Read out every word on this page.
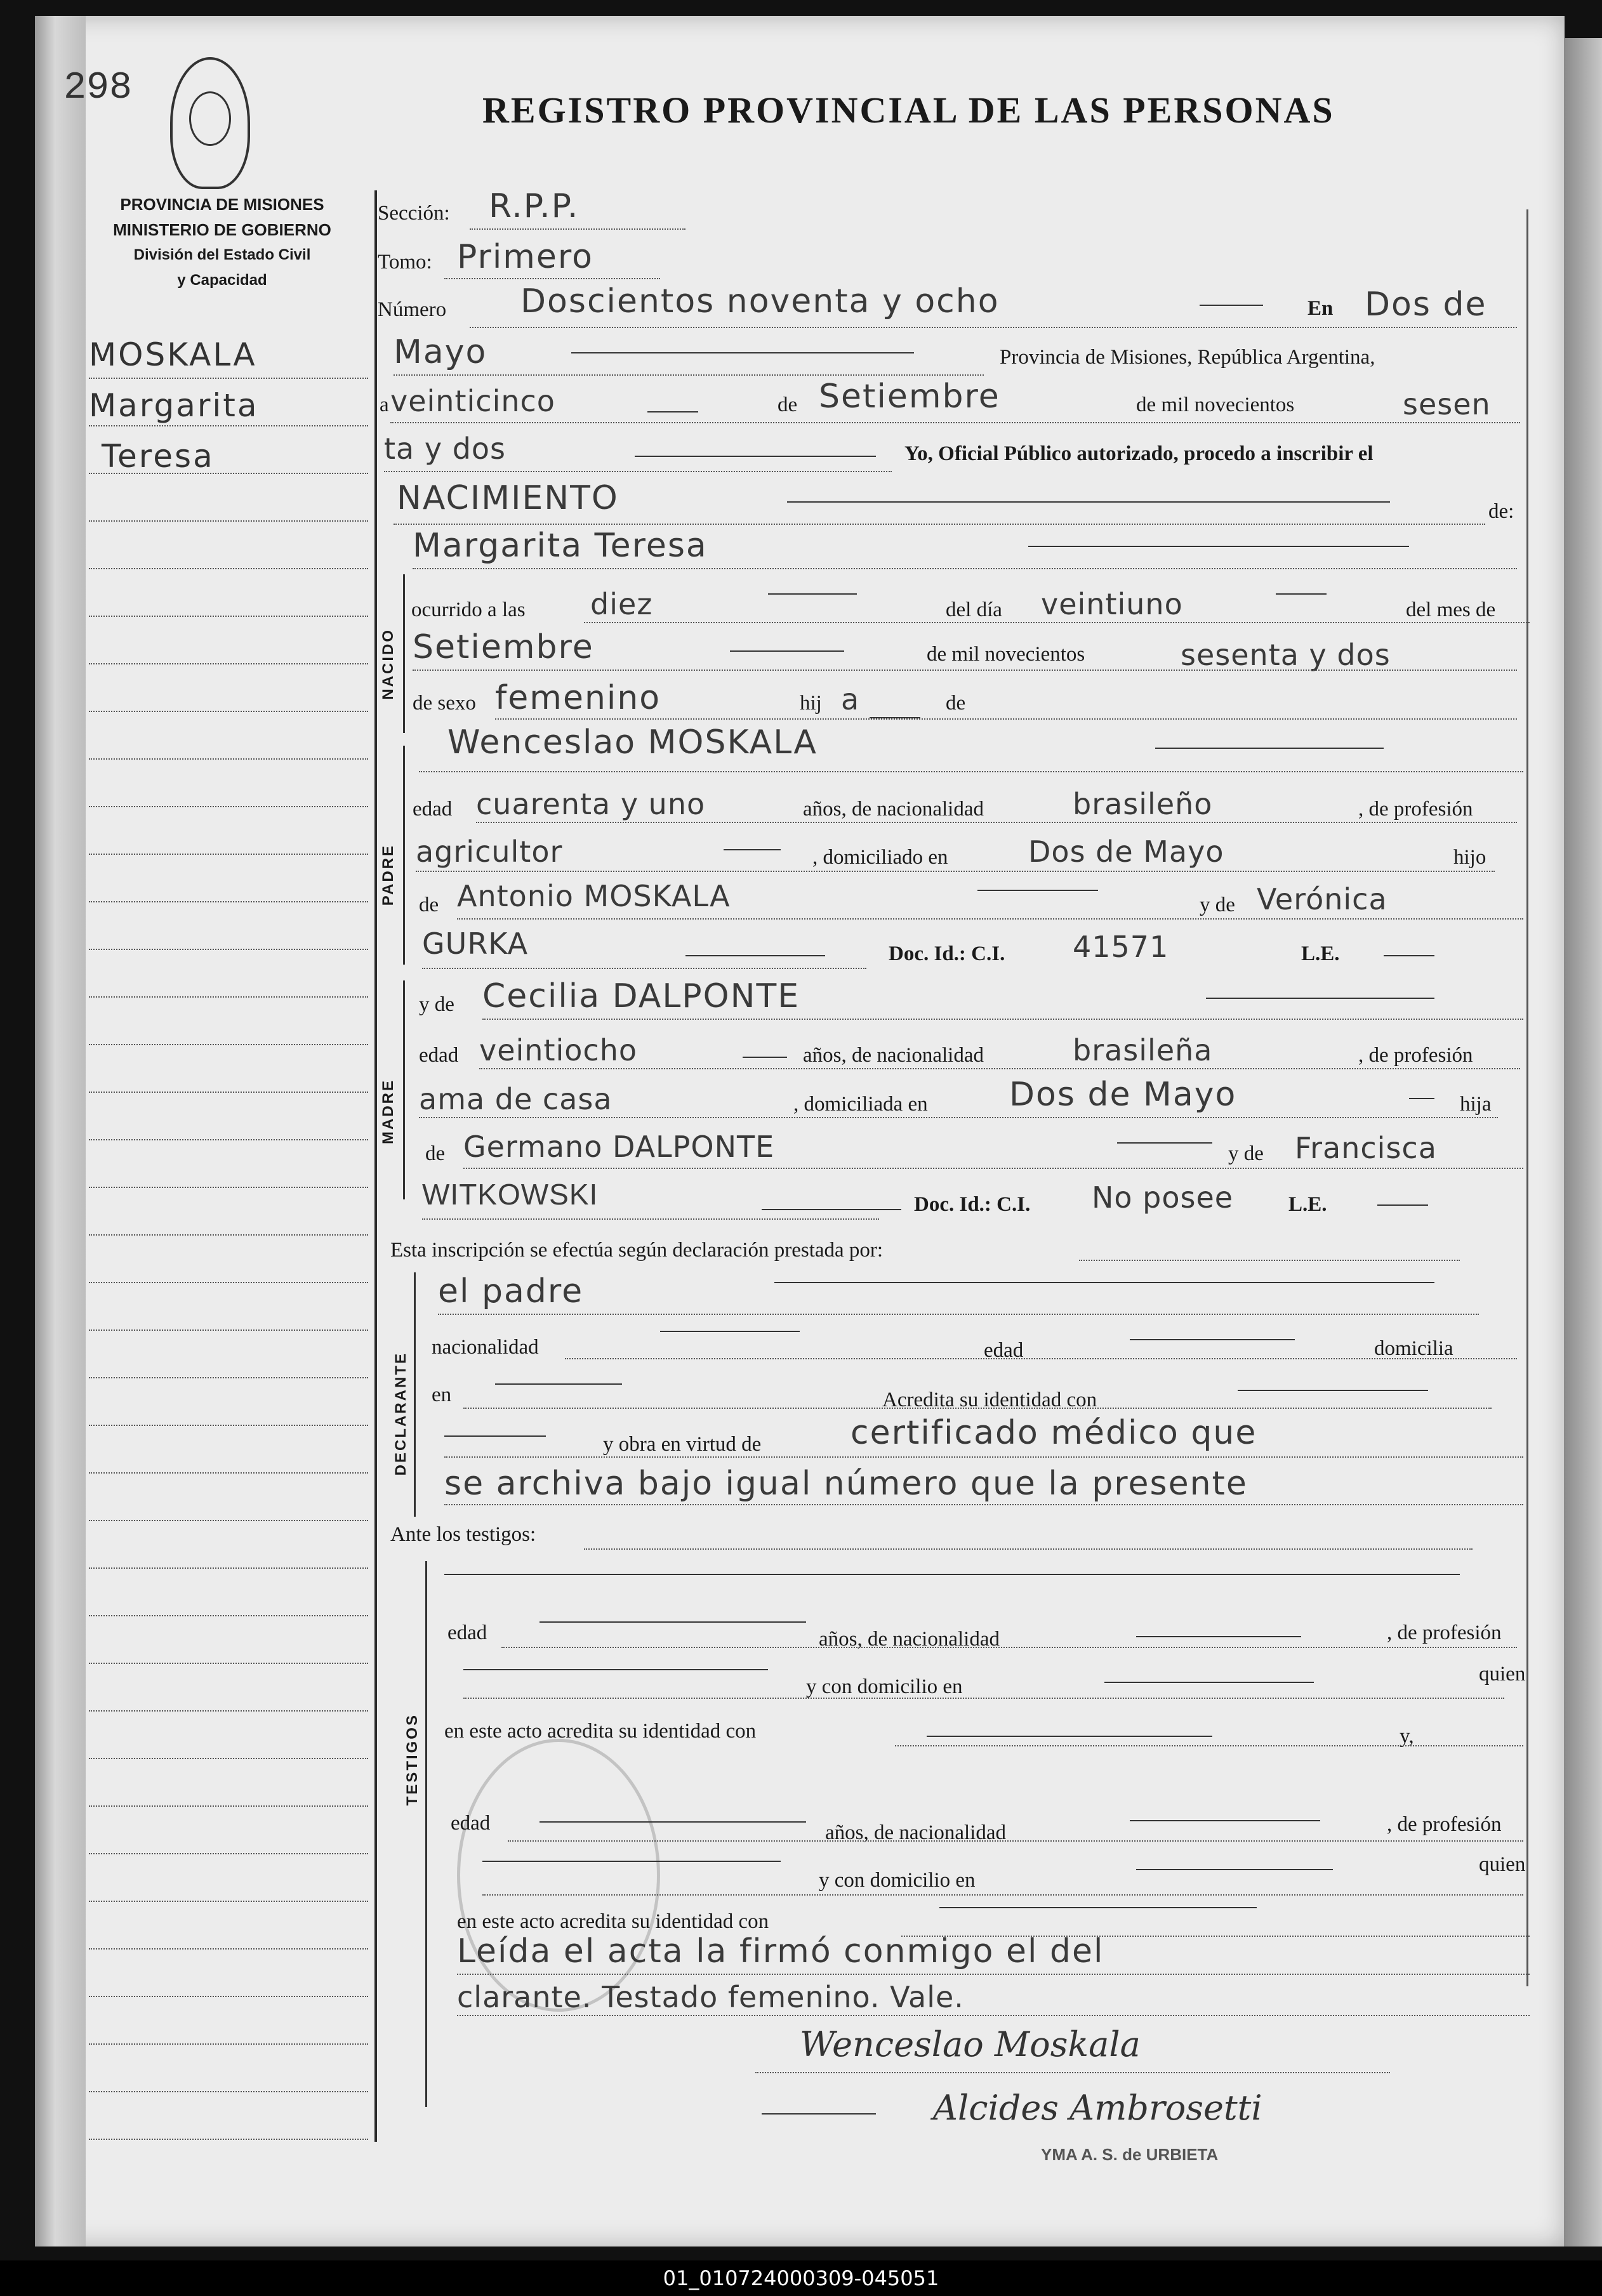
298
REGISTRO PROVINCIAL DE LAS PERSONAS
PROVINCIA DE MISIONES
MINISTERIO DE GOBIERNO
División del Estado Civil
y Capacidad
MOSKALA
Margarita
Teresa
Sección: R.P.P.
Tomo: Primero
Número Doscientos noventa y ocho	En Dos de
Mayo	Provincia de Misiones, República Argentina,
a veinticinco	de Setiembre	de mil novecientos	sesen
ta y dos	Yo, Oficial Público autorizado, procedo a inscribir el
NACIMIENTO	de:
Margarita Teresa
NACIDO
ocurrido a las diez	del día veintiuno	del mes de
Setiembre	de mil novecientos	sesenta y dos
de sexo femenino	hij a	de
PADRE
Wenceslao MOSKALA
edad cuarenta y uno	años, de nacionalidad	brasileño	, de profesión
agricultor	, domiciliado en	Dos de Mayo	hijo
de Antonio MOSKALA	y de Verónica
GURKA	Doc. Id.: C.I. 41571	L.E.
MADRE
y de Cecilia DALPONTE
edad veintiocho	años, de nacionalidad	brasileña	, de profesión
ama de casa	, domiciliada en Dos de Mayo	hija
de Germano DALPONTE	y de Francisca
WITKOWSKI	Doc. Id.: C.I. No posee	L.E.
Esta inscripción se efectúa según declaración prestada por:
DECLARANTE
el padre
nacionalidad	edad	domicilia
en	Acredita su identidad con
y obra en virtud de	certificado médico que
se archiva bajo igual número que la presente
Ante los testigos:
TESTIGOS
edad	años, de nacionalidad	, de profesión
y con domicilio en
quien
en este acto acredita su identidad con	y,
edad	años, de nacionalidad	, de profesión
y con domicilio en
quien
en este acto acredita su identidad con
Leída el acta la firmó conmigo el del
clarante. Testado femenino. Vale.
Wenceslao Moskala
Alcides Ambrosetti
YMA A. S. de URBIETA
01_010724000309-045051
